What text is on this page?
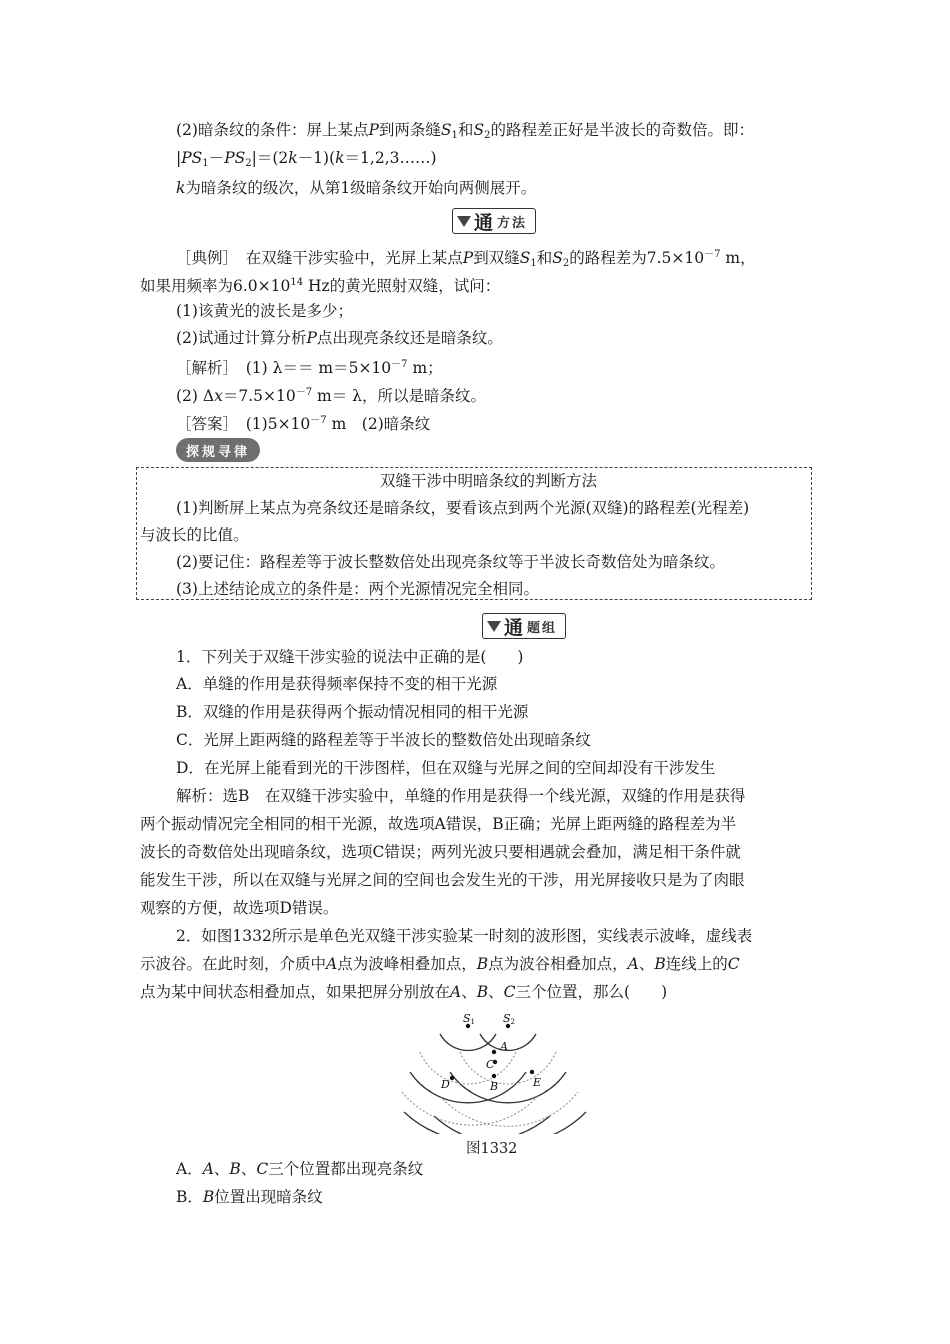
(2)暗条纹的条件：屏上某点P到两条缝$S_1$和$S_2$的路程差正好是半波长的奇数倍。即：
$|PS_1-PS_2|=(2k-1)(k=1,2,3\dots\dots)$
k为暗条纹的级次，从第1级暗条纹开始向两侧展开。
通 方法
［典例］　在双缝干涉实验中，光屏上某点P到双缝$S_1$和$S_2$的路程差为$7.5\times 10^{-7}$ m，
如果用频率为$6.0\times 10^{14}$ Hz的黄光照射双缝，试问：
(1)该黄光的波长是多少；
(2)试通过计算分析P点出现亮条纹还是暗条纹。
［解析］　(1) $\lambda== m=5\times 10^{-7}$ m；
(2) $\Delta x=7.5\times 10^{-7}$ m＝ λ，所以是暗条纹。
［答案］　$(1)5\times 10^{-7}$ m　(2)暗条纹
探规寻律
双缝干涉中明暗条纹的判断方法
(1)判断屏上某点为亮条纹还是暗条纹，要看该点到两个光源(双缝)的路程差(光程差)
与波长的比值。
(2)要记住：路程差等于波长整数倍处出现亮条纹等于半波长奇数倍处为暗条纹。
(3)上述结论成立的条件是：两个光源情况完全相同。
通 题组
1．下列关于双缝干涉实验的说法中正确的是(　　)
A．单缝的作用是获得频率保持不变的相干光源
B．双缝的作用是获得两个振动情况相同的相干光源
C．光屏上距两缝的路程差等于半波长的整数倍处出现暗条纹
D．在光屏上能看到光的干涉图样，但在双缝与光屏之间的空间却没有干涉发生
解析：选B　在双缝干涉实验中，单缝的作用是获得一个线光源，双缝的作用是获得
两个振动情况完全相同的相干光源，故选项A错误，B正确；光屏上距两缝的路程差为半
波长的奇数倍处出现暗条纹，选项C错误；两列光波只要相遇就会叠加，满足相干条件就
能发生干涉，所以在双缝与光屏之间的空间也会发生光的干涉，用光屏接收只是为了肉眼
观察的方便，故选项D错误。
2．如图1332所示是单色光双缝干涉实验某一时刻的波形图，实线表示波峰，虚线表
示波谷。在此时刻，介质中A点为波峰相叠加点，B点为波谷相叠加点，A、B连线上的C
点为某中间状态相叠加点，如果把屏分别放在A、B、C三个位置，那么(　　)
S1	S2
A
C
B
D	E
图1332
A．A、B、C三个位置都出现亮条纹
B．B位置出现暗条纹
